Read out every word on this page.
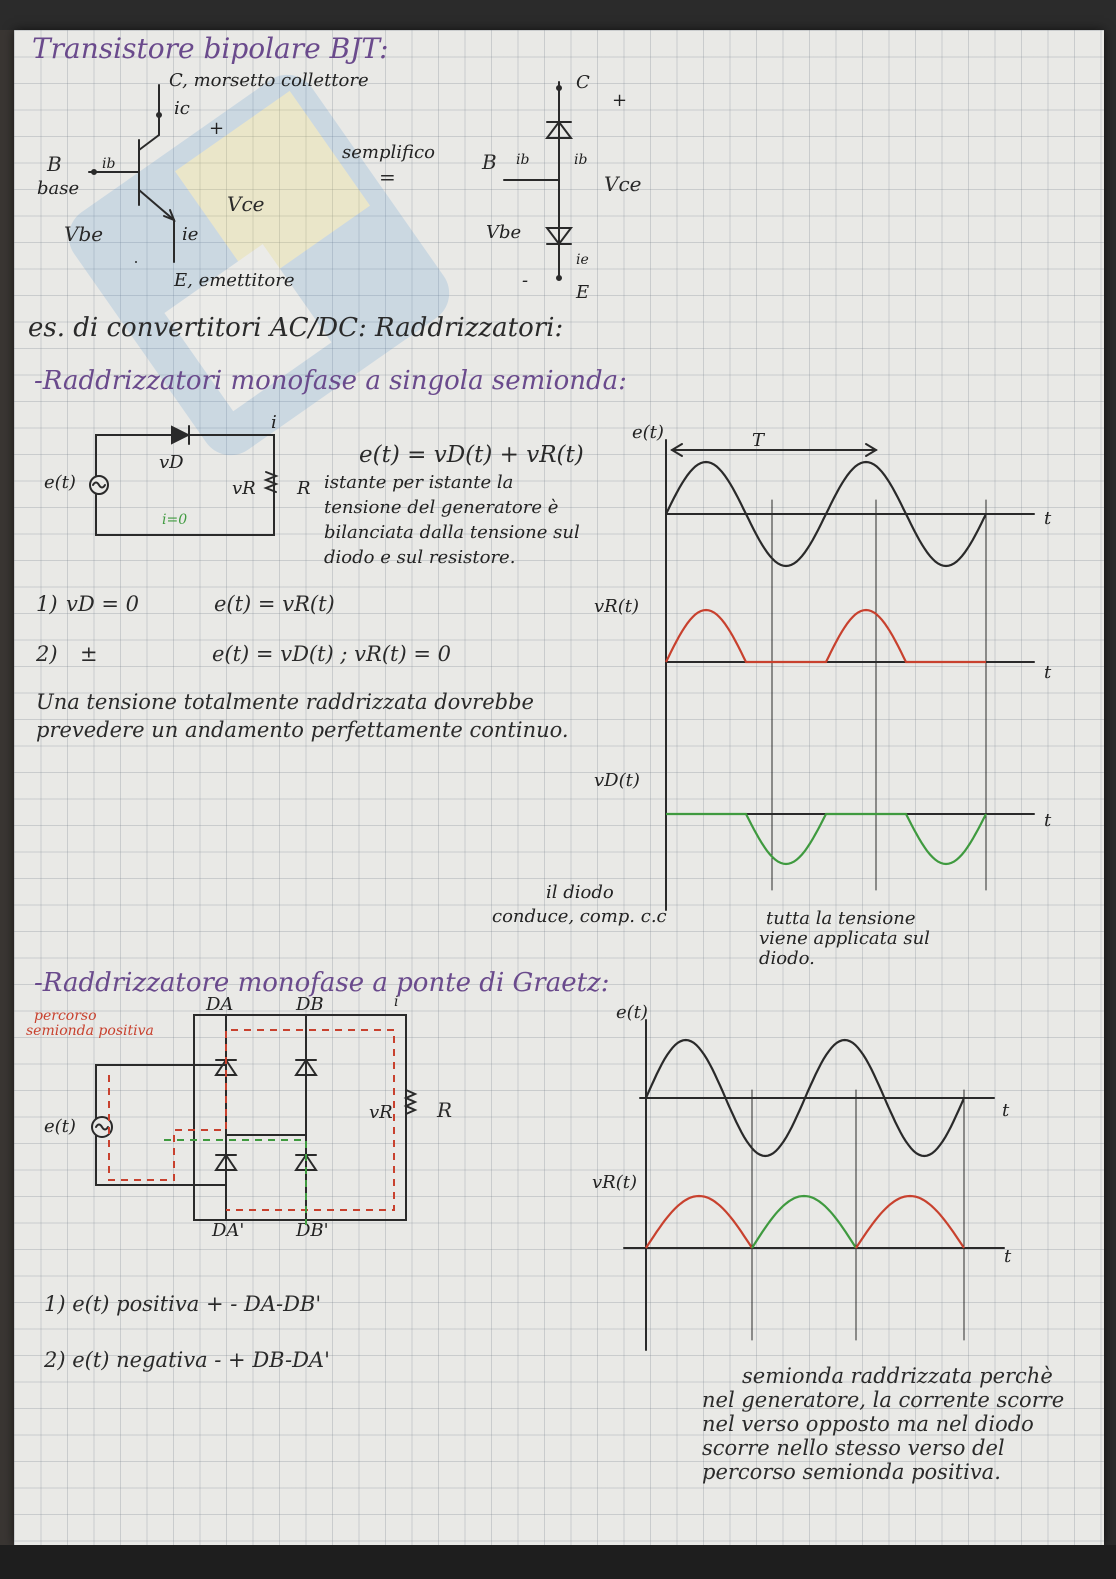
Transistore bipolare BJT:
C, morsetto collettore
ic
+
B
base
ib
Vbe
Vce
ie
E, emettitore
semplifico
=
C
+
B ib	ib
Vce
Vbe
ie
-
E
es. di convertitori AC/DC: Raddrizzatori:
-Raddrizzatori monofase a singola semionda:
vD
vR R
e(t)
i
i=0
e(t) = vD(t) + vR(t)
istante per istante la
tensione del generatore è
bilanciata dalla tensione sul
diodo e sul resistore.
1) vD = 0	e(t) = vR(t)
2) ±	e(t) = vD(t) ; vR(t) = 0
Una tensione totalmente raddrizzata dovrebbe
prevedere un andamento perfettamente continuo.
e(t)	T
t
vR(t)
t
vD(t)
t
il diodo
conduce, comp. c.c	tutta la tensione
viene applicata sul
diodo.
-Raddrizzatore monofase a ponte di Graetz:
percorso
semionda positiva
DA	DB
DA'	DB'
vR R
e(t)
i	e(t)
t
vR(t)
t
1) e(t) positiva + - DA-DB'
2) e(t) negativa - + DB-DA'
semionda raddrizzata perchè
nel generatore, la corrente scorre
nel verso opposto ma nel diodo
scorre nello stesso verso del
percorso semionda positiva.
